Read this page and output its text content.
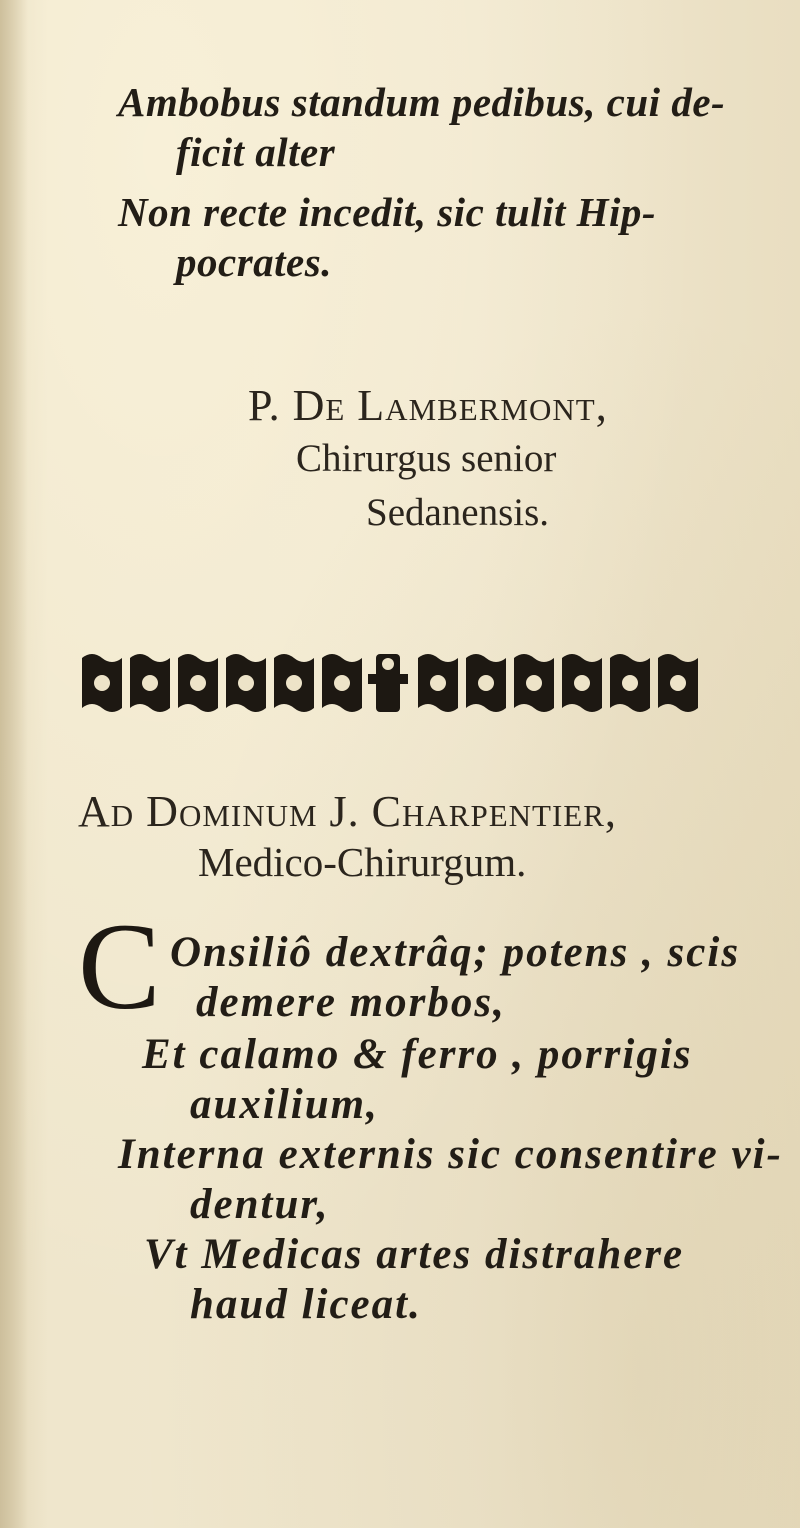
Ambobus standum pedibus, cui de-
ficit alter
Non recte incedit, sic tulit Hip-
pocrates.
P. De Lambermont,
Chirurgus senior
Sedanensis.
Ad Dominum J. Charpentier,
Medico-Chirurgum.
C Onsiliô dextrâq; potens , scis
demere morbos,
Et calamo & ferro , porrigis
auxilium,
Interna externis sic consentire vi-
dentur,
Vt Medicas artes distrahere
haud liceat.
